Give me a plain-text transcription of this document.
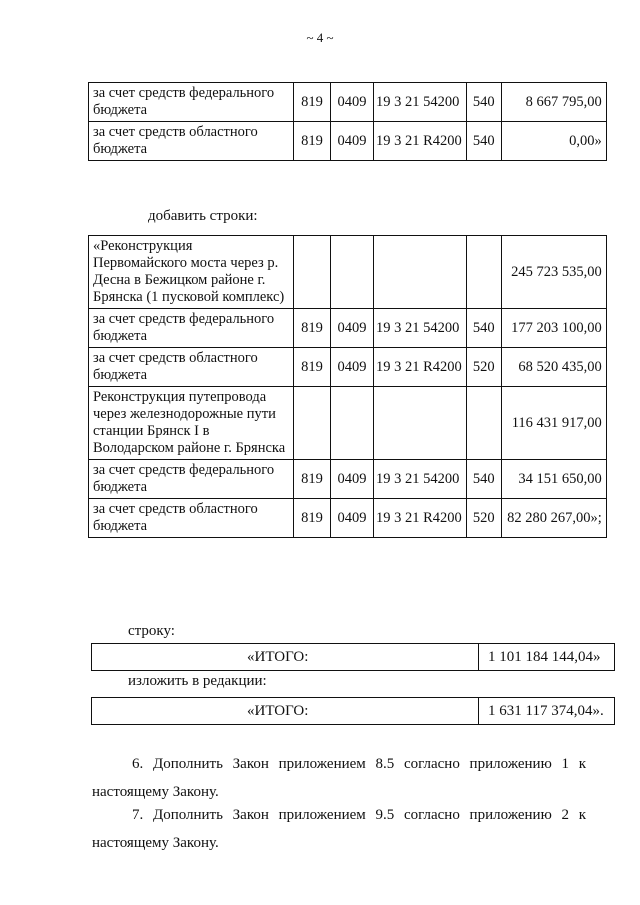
~ 4 ~
за счет средств федерального бюджета	819	0409	19 3 21 54200	540	8 667 795,00
за счет средств областного бюджета	819	0409	19 3 21 R4200	540	0,00»
добавить строки:
«Реконструкция Первомайского моста через р. Десна в Бежицком районе г. Брянска (1 пусковой комплекс)					245 723 535,00
за счет средств федерального бюджета	819	0409	19 3 21 54200	540	177 203 100,00
за счет средств областного бюджета	819	0409	19 3 21 R4200	520	68 520 435,00
Реконструкция путепровода через железнодорожные пути станции Брянск I в Володарском районе г. Брянска					116 431 917,00
за счет средств федерального бюджета	819	0409	19 3 21 54200	540	34 151 650,00
за счет средств областного бюджета	819	0409	19 3 21 R4200	520	82 280 267,00»;
строку:
«ИТОГО:	1 101 184 144,04»
изложить в редакции:
«ИТОГО:	1 631 117 374,04».
6. Дополнить Закон приложением 8.5 согласно приложению 1 к
настоящему Закону.
7. Дополнить Закон приложением 9.5 согласно приложению 2 к
настоящему Закону.
